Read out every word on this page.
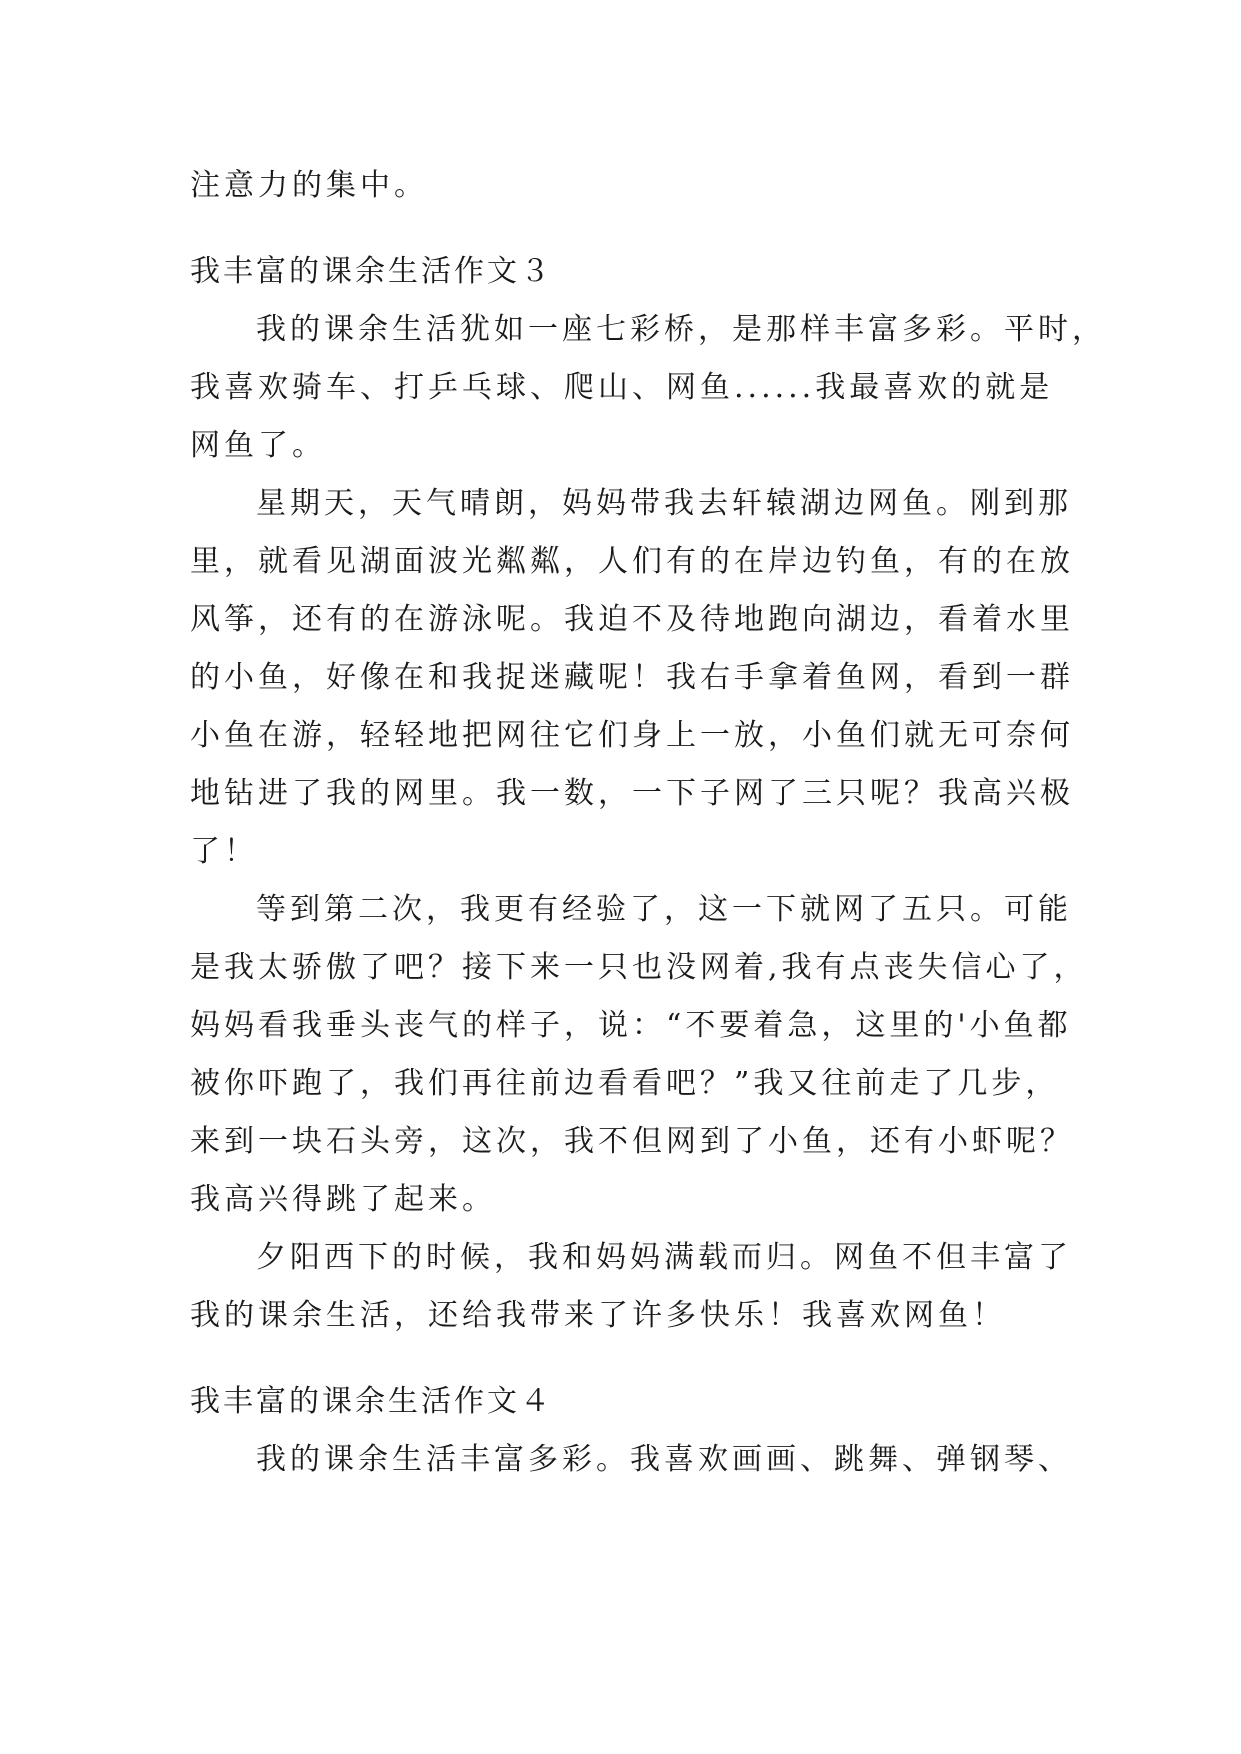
注意力的集中。
我丰富的课余生活作文３
我的课余生活犹如一座七彩桥，是那样丰富多彩。平时，
我喜欢骑车、打乒乓球、爬山、网鱼......我最喜欢的就是
网鱼了。
星期天，天气晴朗，妈妈带我去轩辕湖边网鱼。刚到那
里，就看见湖面波光粼粼，人们有的在岸边钓鱼，有的在放
风筝，还有的在游泳呢。我迫不及待地跑向湖边，看着水里
的小鱼，好像在和我捉迷藏呢！我右手拿着鱼网，看到一群
小鱼在游，轻轻地把网往它们身上一放，小鱼们就无可奈何
地钻进了我的网里。我一数，一下子网了三只呢？我高兴极
了！
等到第二次，我更有经验了，这一下就网了五只。可能
是我太骄傲了吧？接下来一只也没网着,我有点丧失信心了，
妈妈看我垂头丧气的样子，说：“不要着急，这里的'小鱼都
被你吓跑了，我们再往前边看看吧？”我又往前走了几步，
来到一块石头旁，这次，我不但网到了小鱼，还有小虾呢？
我高兴得跳了起来。
夕阳西下的时候，我和妈妈满载而归。网鱼不但丰富了
我的课余生活，还给我带来了许多快乐！我喜欢网鱼！
我丰富的课余生活作文４
我的课余生活丰富多彩。我喜欢画画、跳舞、弹钢琴、
